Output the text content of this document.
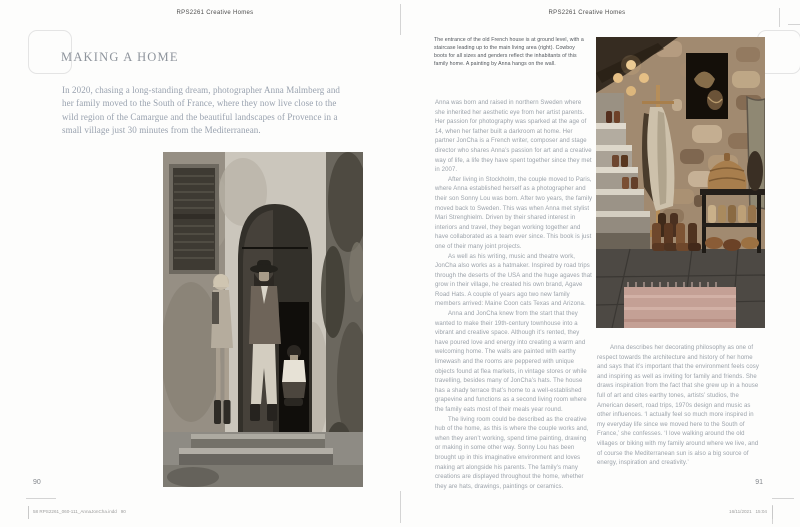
RPS2261 Creative Homes	RPS2261 Creative Homes
MAKING A HOME

In 2020, chasing a long-standing dream, photographer Anna Malmberg and her family moved to the South of France, where they now live close to the wild region of the Camargue and the beautiful landscapes of Provence in a small village just 30 minutes from the Mediterranean.

90

The entrance of the old French house is at ground level, with a staircase leading up to the main living area (right). Cowboy boots for all sizes and genders reflect the inhabitants of this family home. A painting by Anna hangs on the wall.

Anna was born and raised in northern Sweden where she inherited her aesthetic eye from her artist parents. Her passion for photography was sparked at the age of 14, when her father built a darkroom at home. Her partner JonCha is a French writer, composer and stage director who shares Anna’s passion for art and a creative way of life, a life they have spent together since they met in 2007.

After living in Stockholm, the couple moved to Paris, where Anna established herself as a photographer and their son Sonny Lou was born. After two years, the family moved back to Sweden. This was when Anna met stylist Mari Strenghielm. Driven by their shared interest in interiors and travel, they began working together and have collaborated as a team ever since. This book is just one of their many joint projects.

As well as his writing, music and theatre work, JonCha also works as a hatmaker. Inspired by road trips through the deserts of the USA and the huge agaves that grow in their village, he created his own brand, Agave Road Hats. A couple of years ago two new family members arrived: Maine Coon cats Texas and Arizona.

Anna and JonCha knew from the start that they wanted to make their 19th-century townhouse into a vibrant and creative space. Although it’s rented, they have poured love and energy into creating a warm and welcoming home. The walls are painted with earthy limewash and the rooms are peppered with unique objects found at flea markets, in vintage stores or while travelling, besides many of JonCha’s hats. The house has a shady terrace that’s home to a well-established grapevine and functions as a second living room where the family eats most of their meals year round.

The living room could be described as the creative hub of the home, as this is where the couple works and, when they aren’t working, spend time painting, drawing or making in some other way. Sonny Lou has been brought up in this imaginative environment and loves making art alongside his parents. The family’s many creations are displayed throughout the home, whether they are hats, drawings, paintings or ceramics.

Anna describes her decorating philosophy as one of respect towards the architecture and history of her home and says that it’s important that the environment feels cosy and inspiring as well as inviting for family and friends. She draws inspiration from the fact that she grew up in a house full of art and cites earthy tones, artists’ studios, the American desert, road trips, 1970s design and music as other influences. ‘I actually feel so much more inspired in my everyday life since we moved here to the South of France,’ she confesses. ‘I love walking around the old villages or biking with my family around where we live, and of course the Mediterranean sun is also a big source of energy, inspiration and creativity.’

91
58 RPS2261_060-111_AnnaJonCha.indd   90	16/11/2021   15:04
